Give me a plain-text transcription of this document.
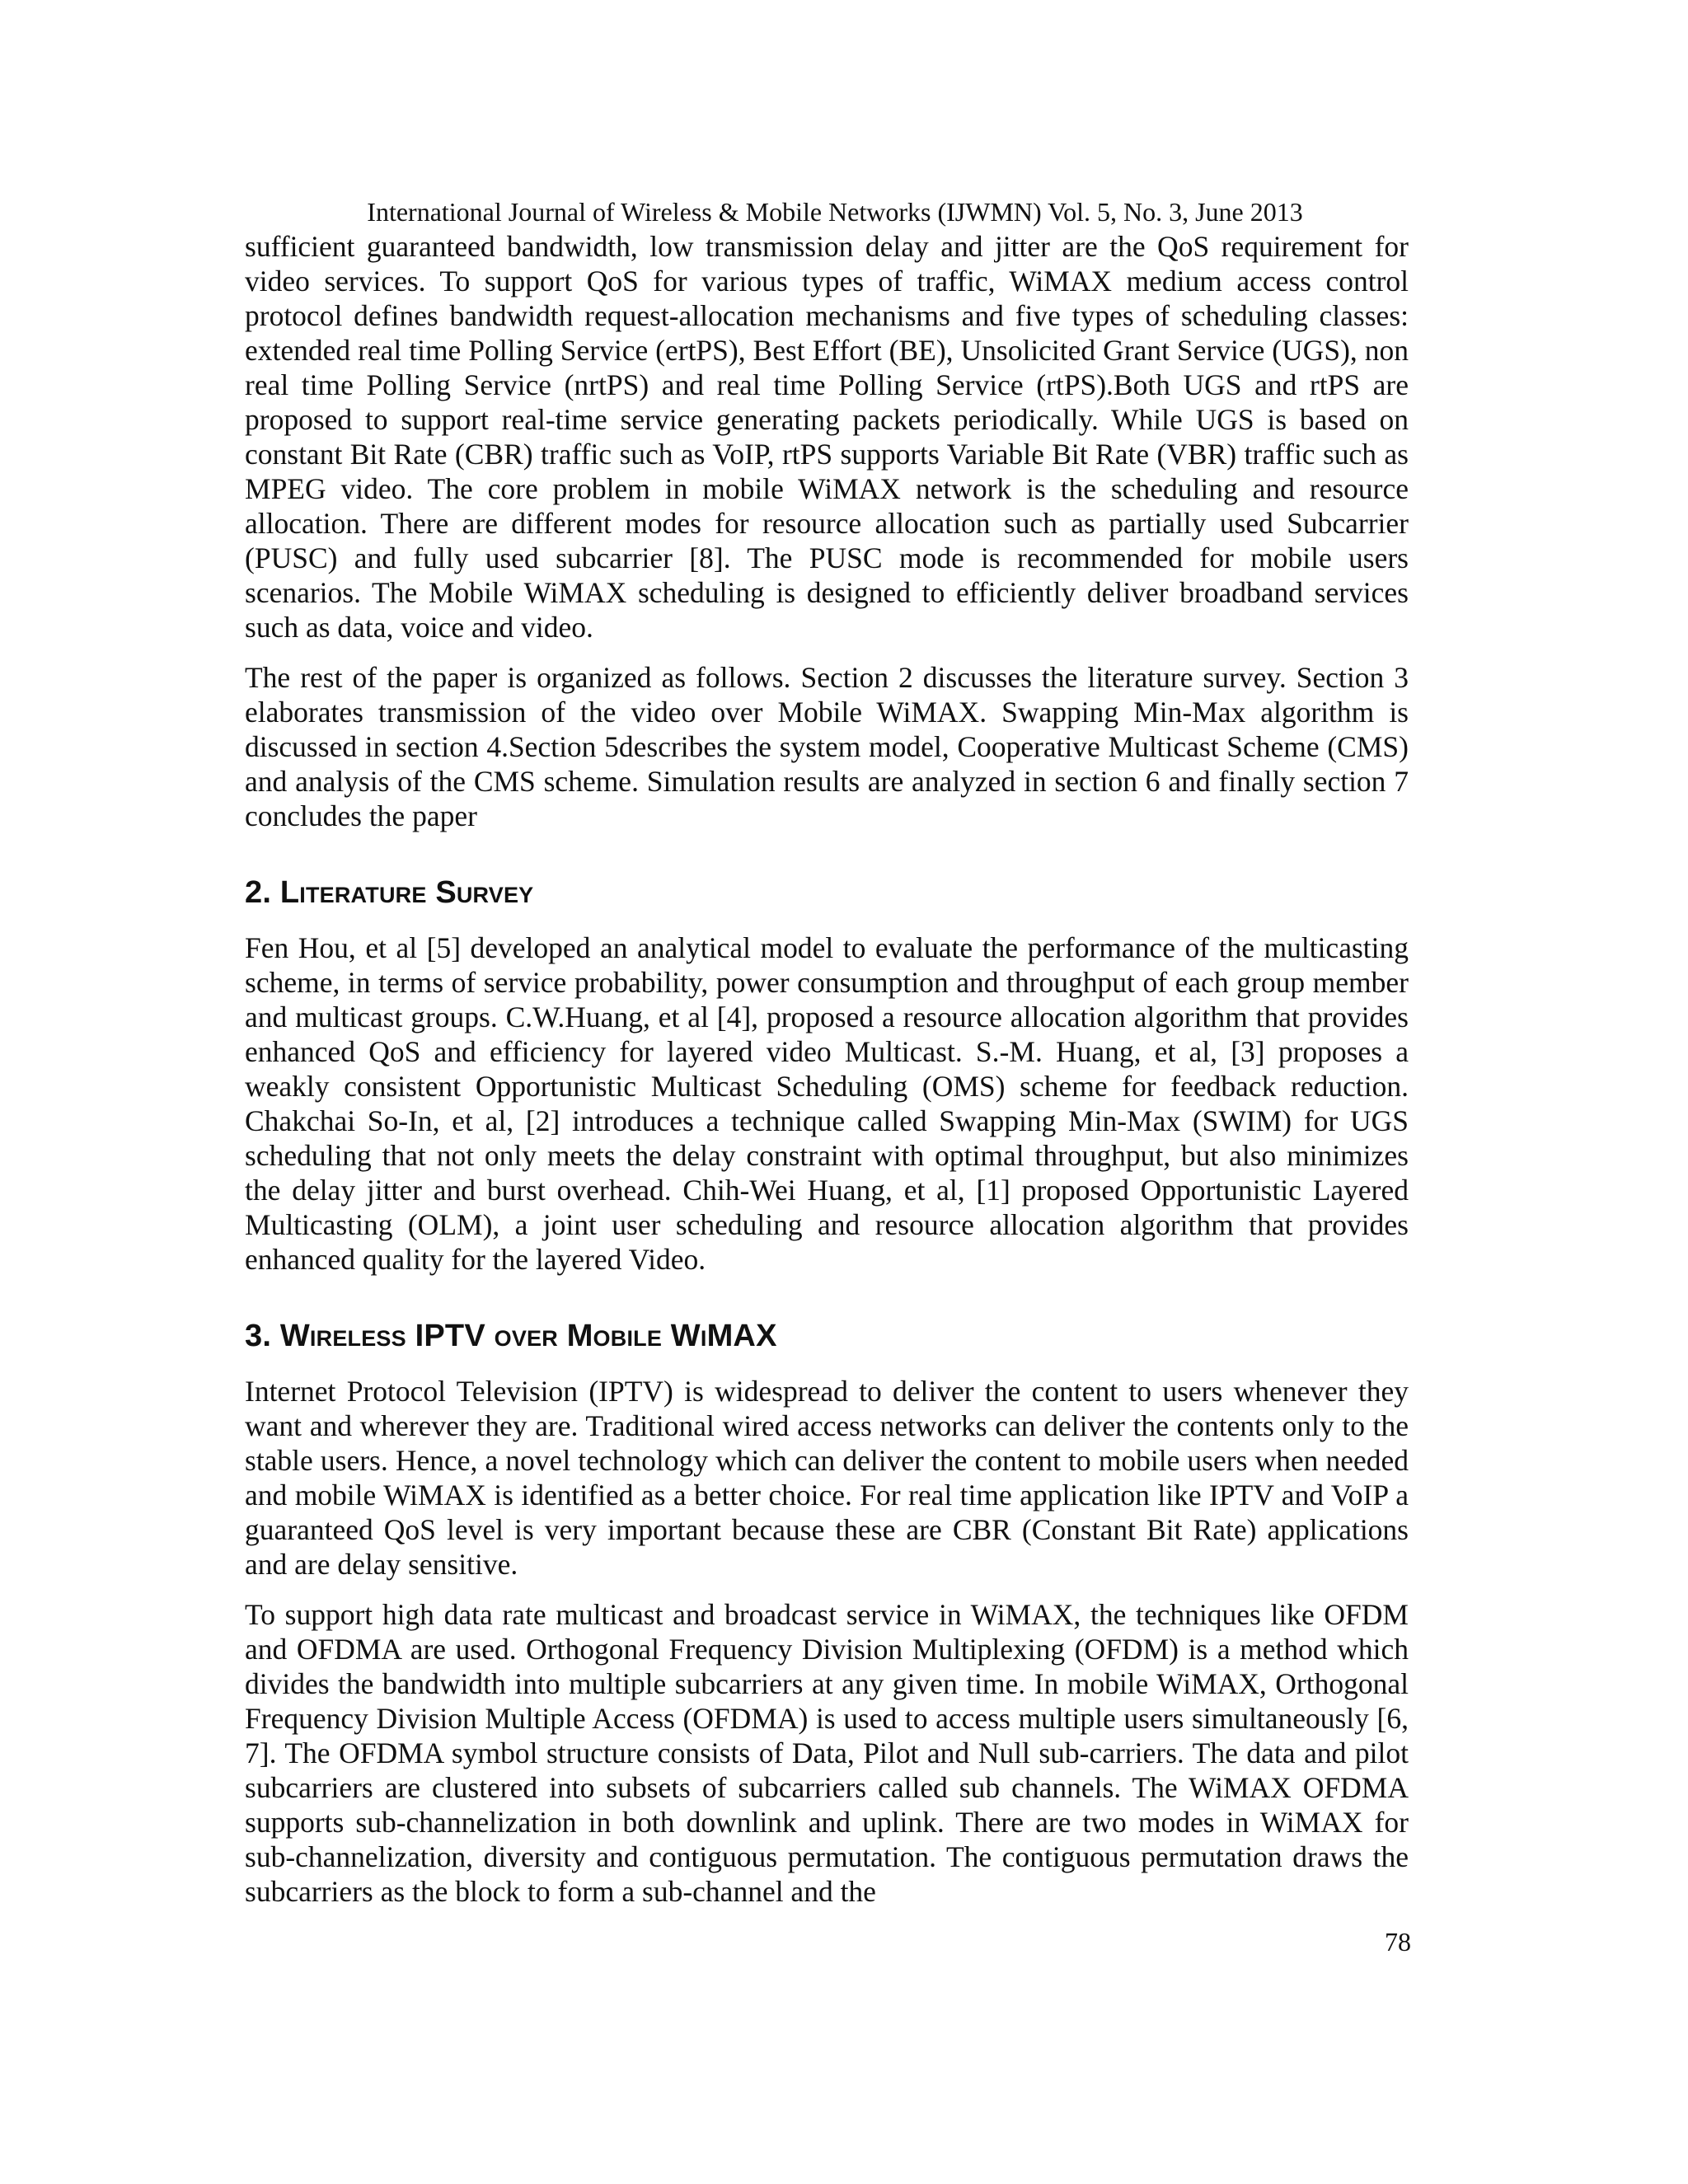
International Journal of Wireless & Mobile Networks (IJWMN) Vol. 5, No. 3, June 2013

sufficient guaranteed bandwidth, low transmission delay and jitter are the QoS requirement for video services. To support QoS for various types of traffic, WiMAX medium access control protocol defines bandwidth request-allocation mechanisms and five types of scheduling classes: extended real time Polling Service (ertPS), Best Effort (BE), Unsolicited Grant Service (UGS), non real time Polling Service (nrtPS) and real time Polling Service (rtPS).Both UGS and rtPS are proposed to support real-time service generating packets periodically. While UGS is based on constant Bit Rate (CBR) traffic such as VoIP, rtPS supports Variable Bit Rate (VBR) traffic such as MPEG video. The core problem in mobile WiMAX network is the scheduling and resource allocation. There are different modes for resource allocation such as partially used Subcarrier (PUSC) and fully used subcarrier [8]. The PUSC mode is recommended for mobile users scenarios. The Mobile WiMAX scheduling is designed to efficiently deliver broadband services such as data, voice and video.

The rest of the paper is organized as follows. Section 2 discusses the literature survey. Section 3 elaborates transmission of the video over Mobile WiMAX. Swapping Min-Max algorithm is discussed in section 4.Section 5describes the system model, Cooperative Multicast Scheme (CMS) and analysis of the CMS scheme. Simulation results are analyzed in section 6 and finally section 7 concludes the paper

2. Literature Survey

Fen Hou, et al [5] developed an analytical model to evaluate the performance of the multicasting scheme, in terms of service probability, power consumption and throughput of each group member and multicast groups. C.W.Huang, et al [4], proposed a resource allocation algorithm that provides enhanced QoS and efficiency for layered video Multicast. S.-M. Huang, et al, [3] proposes a weakly consistent Opportunistic Multicast Scheduling (OMS) scheme for feedback reduction. Chakchai So-In, et al, [2] introduces a technique called Swapping Min-Max (SWIM) for UGS scheduling that not only meets the delay constraint with optimal throughput, but also minimizes the delay jitter and burst overhead. Chih-Wei Huang, et al, [1] proposed Opportunistic Layered Multicasting (OLM), a joint user scheduling and resource allocation algorithm that provides enhanced quality for the layered Video.

3. Wireless IPTV over Mobile WiMAX

Internet Protocol Television (IPTV) is widespread to deliver the content to users whenever they want and wherever they are. Traditional wired access networks can deliver the contents only to the stable users. Hence, a novel technology which can deliver the content to mobile users when needed and mobile WiMAX is identified as a better choice. For real time application like IPTV and VoIP a guaranteed QoS level is very important because these are CBR (Constant Bit Rate) applications and are delay sensitive.

To support high data rate multicast and broadcast service in WiMAX, the techniques like OFDM and OFDMA are used. Orthogonal Frequency Division Multiplexing (OFDM) is a method which divides the bandwidth into multiple subcarriers at any given time. In mobile WiMAX, Orthogonal Frequency Division Multiple Access (OFDMA) is used to access multiple users simultaneously [6, 7]. The OFDMA symbol structure consists of Data, Pilot and Null sub-carriers. The data and pilot subcarriers are clustered into subsets of subcarriers called sub channels. The WiMAX OFDMA supports sub-channelization in both downlink and uplink. There are two modes in WiMAX for sub-channelization, diversity and contiguous permutation. The contiguous permutation draws the subcarriers as the block to form a sub-channel and the

78
